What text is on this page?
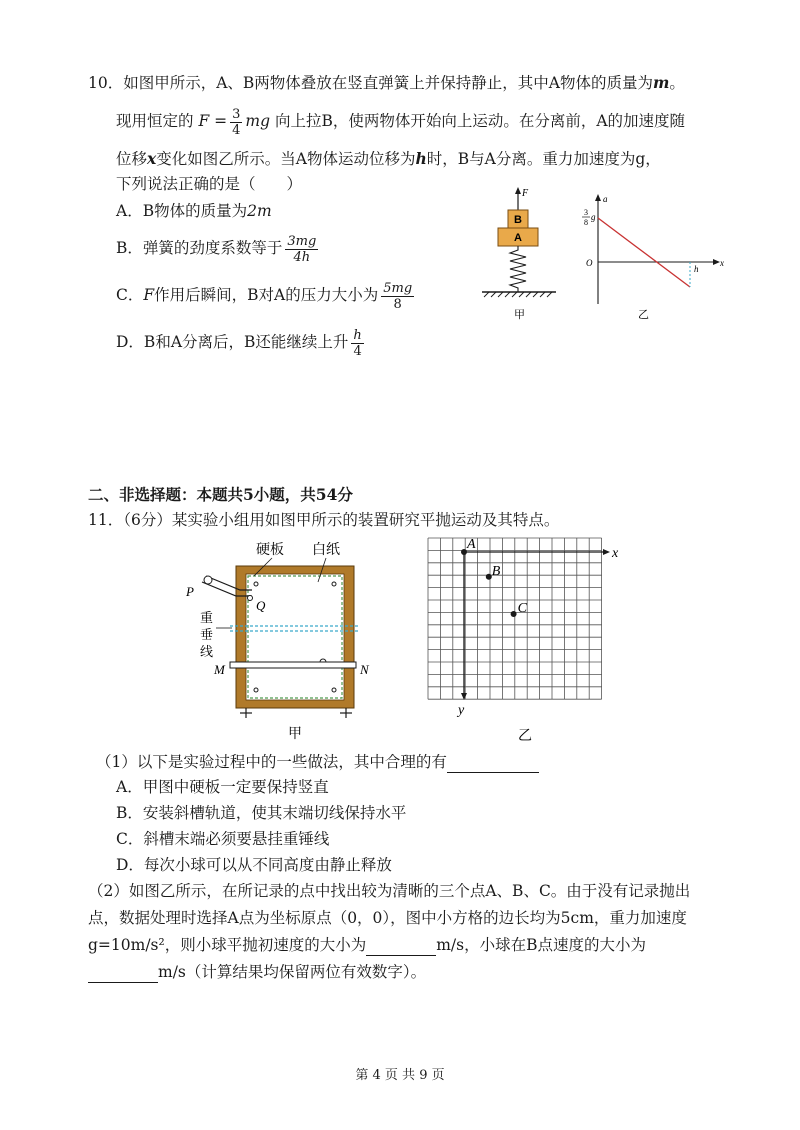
10．如图甲所示，A、B两物体叠放在竖直弹簧上并保持静止，其中A物体的质量为m。
现用恒定的 $F = \frac{3}{4}$ mg 向上拉B，使两物体开始向上运动。在分离前，A的加速度随
位移x变化如图乙所示。当A物体运动位移为h时，B与A分离。重力加速度为g，
下列说法正确的是（　　）
A．B物体的质量为2m
B．弹簧的劲度系数等于 $\frac{3mg}{4h}$
C．F作用后瞬间，B对A的压力大小为 $\frac{5mg}{8}$
D．B和A分离后，B还能继续上升 $\frac{h}{4}$
F
B
A
甲
a
x
O
3
8
g
h
乙
二、非选择题：本题共5小题，共54分
11．（6分）某实验小组用如图甲所示的装置研究平抛运动及其特点。
P
Q
M	N
硬板 白纸
重
垂
线
甲
x
y
A
B
C
乙
（1）以下是实验过程中的一些做法，其中合理的有
A．甲图中硬板一定要保持竖直
B．安装斜槽轨道，使其末端切线保持水平
C．斜槽末端必须要悬挂重锤线
D．每次小球可以从不同高度由静止释放
（2）如图乙所示，在所记录的点中找出较为清晰的三个点A、B、C。由于没有记录抛出
点，数据处理时选择A点为坐标原点（0，0），图中小方格的边长均为5cm，重力加速度
g=10m/s²，则小球平抛初速度的大小为	m/s，小球在B点速度的大小为
m/s（计算结果均保留两位有效数字）。
第 4 页 共 9 页
